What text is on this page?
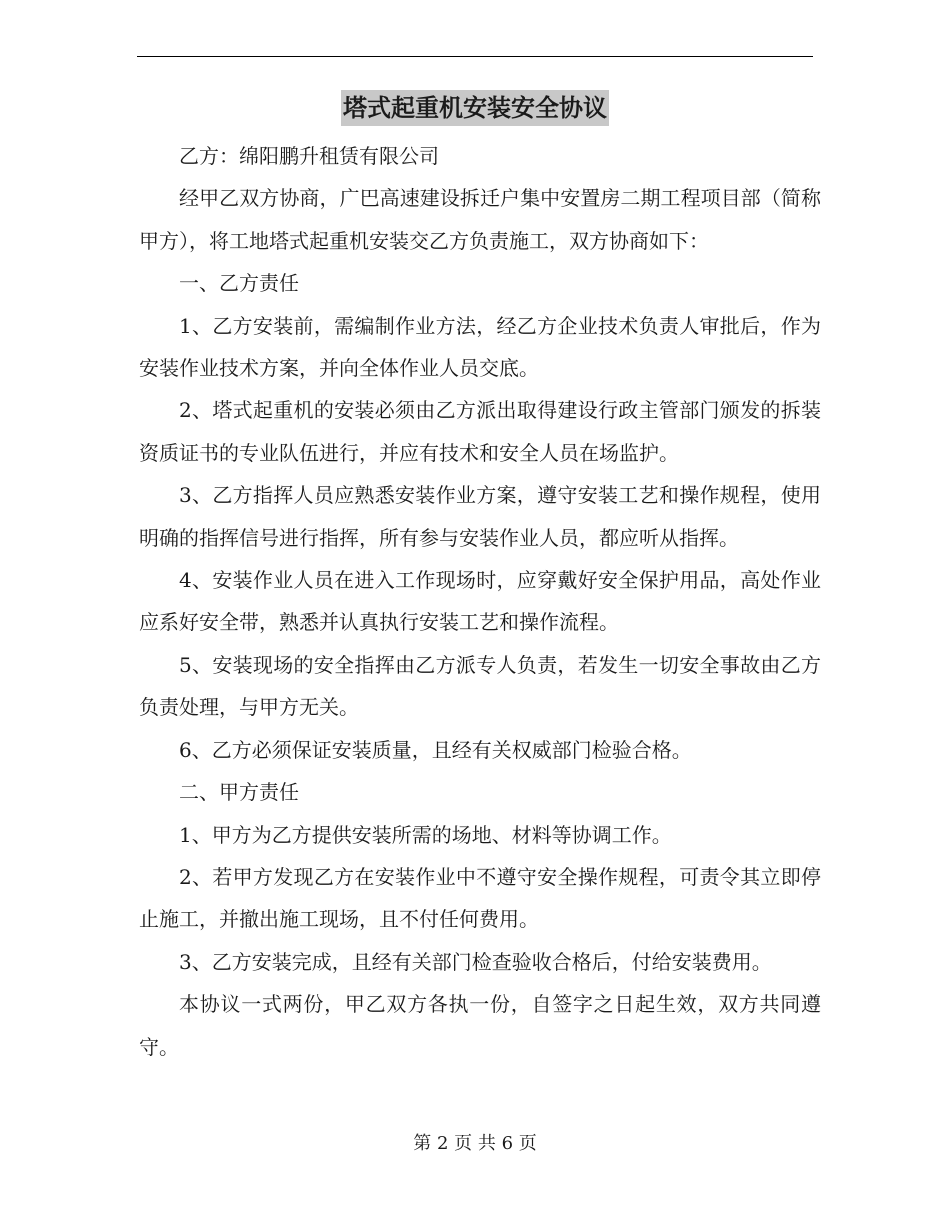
塔式起重机安装安全协议

乙方：绵阳鹏升租赁有限公司

经甲乙双方协商，广巴高速建设拆迁户集中安置房二期工程项目部（简称甲方），将工地塔式起重机安装交乙方负责施工，双方协商如下：

一、乙方责任

1、乙方安装前，需编制作业方法，经乙方企业技术负责人审批后，作为安装作业技术方案，并向全体作业人员交底。

2、塔式起重机的安装必须由乙方派出取得建设行政主管部门颁发的拆装资质证书的专业队伍进行，并应有技术和安全人员在场监护。

3、乙方指挥人员应熟悉安装作业方案，遵守安装工艺和操作规程，使用明确的指挥信号进行指挥，所有参与安装作业人员，都应听从指挥。

4、安装作业人员在进入工作现场时，应穿戴好安全保护用品，高处作业应系好安全带，熟悉并认真执行安装工艺和操作流程。

5、安装现场的安全指挥由乙方派专人负责，若发生一切安全事故由乙方负责处理，与甲方无关。

6、乙方必须保证安装质量，且经有关权威部门检验合格。

二、甲方责任

1、甲方为乙方提供安装所需的场地、材料等协调工作。

2、若甲方发现乙方在安装作业中不遵守安全操作规程，可责令其立即停止施工，并撤出施工现场，且不付任何费用。

3、乙方安装完成，且经有关部门检查验收合格后，付给安装费用。

本协议一式两份，甲乙双方各执一份，自签字之日起生效，双方共同遵守。

第 2 页 共 6 页
